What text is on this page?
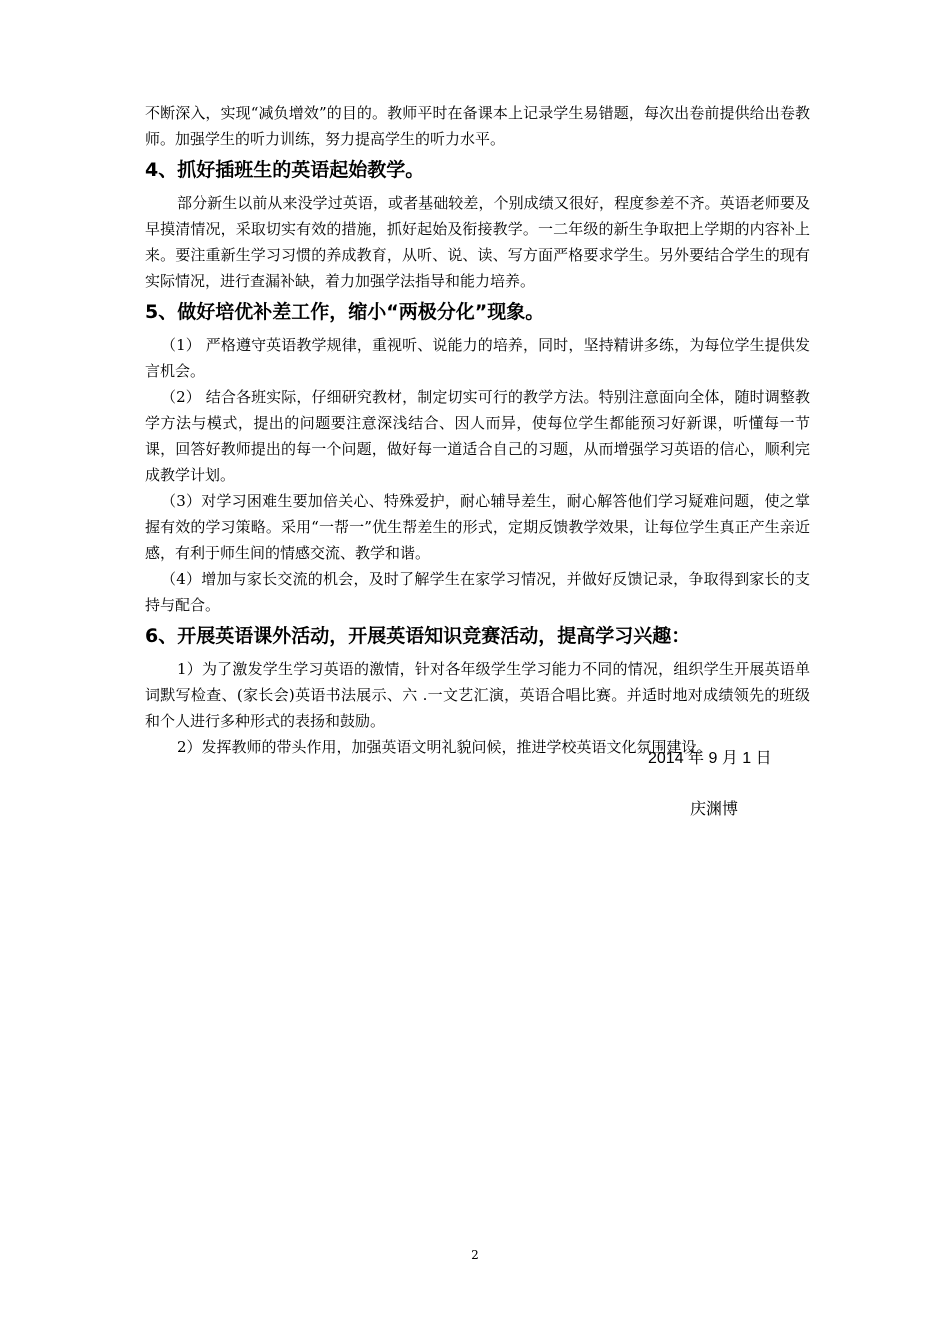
不断深入，实现“减负增效”的目的。教师平时在备课本上记录学生易错题，每次出卷前提供给出卷教师。加强学生的听力训练，努力提高学生的听力水平。

4、抓好插班生的英语起始教学。

部分新生以前从来没学过英语，或者基础较差，个别成绩又很好，程度参差不齐。英语老师要及早摸清情况，采取切实有效的措施，抓好起始及衔接教学。一二年级的新生争取把上学期的内容补上来。要注重新生学习习惯的养成教育，从听、说、读、写方面严格要求学生。另外要结合学生的现有实际情况，进行查漏补缺，着力加强学法指导和能力培养。

5、做好培优补差工作，缩小“两极分化”现象。

（1） 严格遵守英语教学规律，重视听、说能力的培养，同时，坚持精讲多练，为每位学生提供发言机会。

（2） 结合各班实际，仔细研究教材，制定切实可行的教学方法。特别注意面向全体，随时调整教学方法与模式，提出的问题要注意深浅结合、因人而异，使每位学生都能预习好新课，听懂每一节课，回答好教师提出的每一个问题，做好每一道适合自己的习题，从而增强学习英语的信心，顺利完成教学计划。

（3）对学习困难生要加倍关心、特殊爱护，耐心辅导差生，耐心解答他们学习疑难问题，使之掌握有效的学习策略。采用“一帮一”优生帮差生的形式，定期反馈教学效果，让每位学生真正产生亲近感，有利于师生间的情感交流、教学和谐。

（4）增加与家长交流的机会，及时了解学生在家学习情况，并做好反馈记录，争取得到家长的支持与配合。

6、开展英语课外活动，开展英语知识竞赛活动，提高学习兴趣：

1）为了激发学生学习英语的激情，针对各年级学生学习能力不同的情况，组织学生开展英语单词默写检查、(家长会)英语书法展示、六 .一文艺汇演，英语合唱比赛。并适时地对成绩领先的班级和个人进行多种形式的表扬和鼓励。

2）发挥教师的带头作用，加强英语文明礼貌问候，推进学校英语文化氛围建设。

2014 年 9 月 1 日
庆渊博
2
